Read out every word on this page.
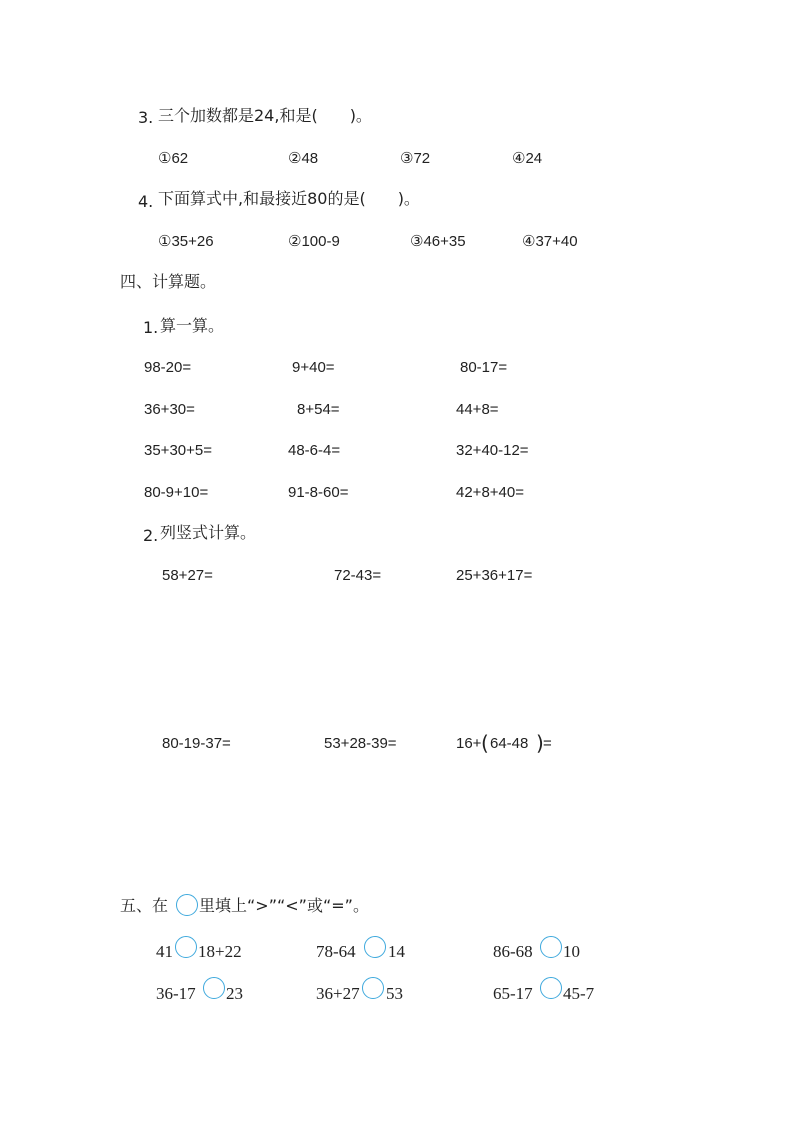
3. 三个加数都是24,和是(　　)。
①62	②48	③72	④24
4. 下面算式中,和最接近80的是(　　)。
①35+26	②100-9	③46+35	④37+40
四、计算题。
1. 算一算。
98-20=	9+40=	80-17=
36+30=	8+54=	44+8=
35+30+5=	48-6-4=	32+40-12=
80-9+10=	91-8-60=	42+8+40=
2. 列竖式计算。
58+27=	72-43=	25+36+17=
80-19-37=	53+28-39=	16+ ( 64-48 ) =
五、在 里填上“>”“<”或“=”。
41 18+22	78-64 14	86-68 10
36-17 23	36+27 53	65-17 45-7
